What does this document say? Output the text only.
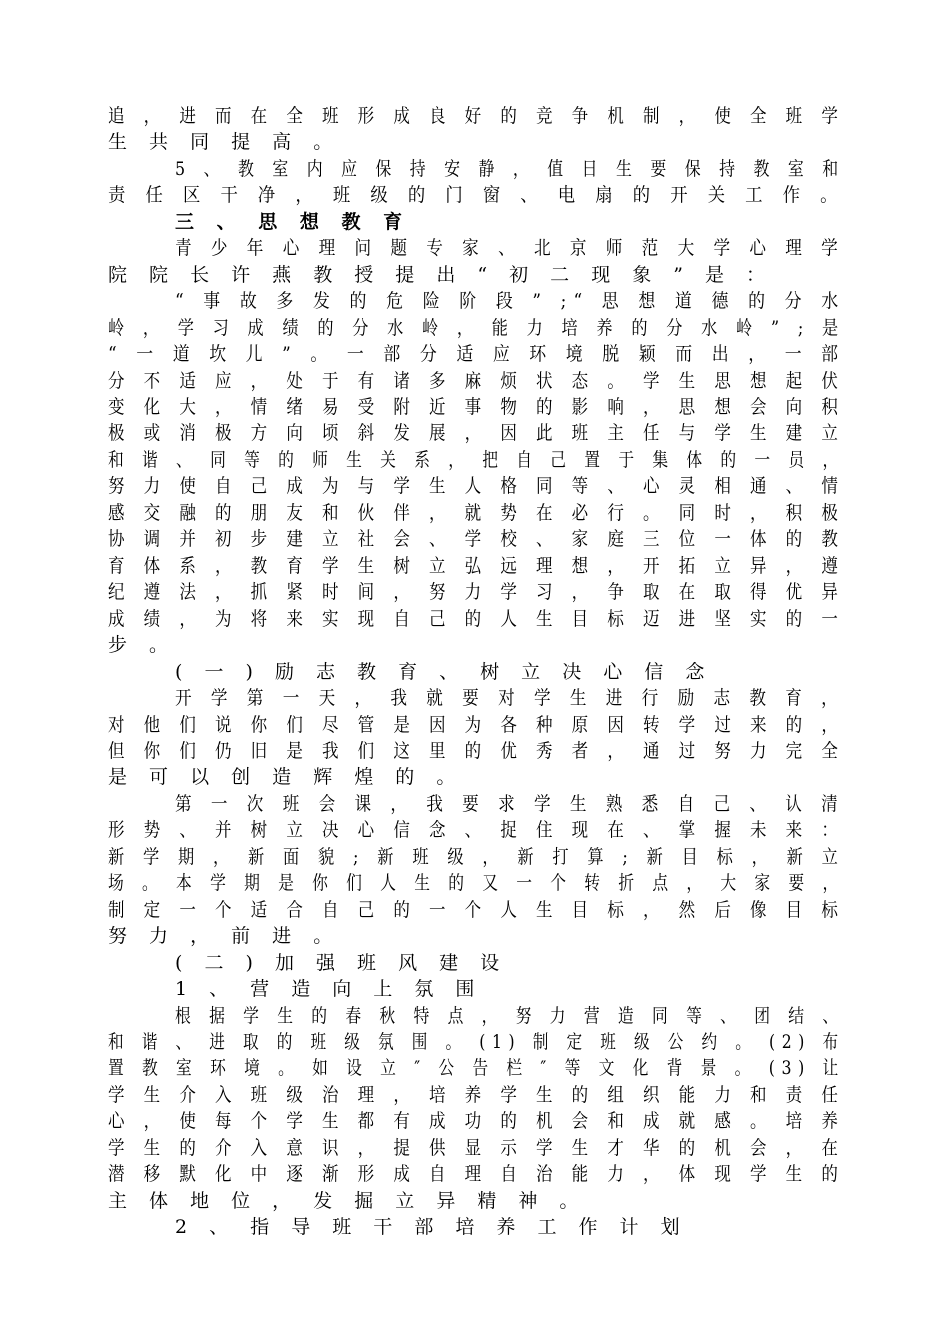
追 ， 进 而 在 全 班 形 成 良 好 的 竞 争 机 制 ， 使 全 班 学
生 共 同 提 高 。
5 、 教 室 内 应 保 持 安 静 ， 值 日 生 要 保 持 教 室 和
责 任 区 干 净 ， 班 级 的 门 窗 、 电 扇 的 开 关 工 作 。
三 、 思 想 教 育
青 少 年 心 理 问 题 专 家 、 北 京 师 范 大 学 心 理 学
院 院 长 许 燕 教 授 提 出 “ 初 二 现 象 ” 是 ：
“ 事 故 多 发 的 危 险 阶 段 ” ;“ 思 想 道 德 的 分 水
岭 ， 学 习 成 绩 的 分 水 岭 ， 能 力 培 养 的 分 水 岭 ” ; 是
“ 一 道 坎 儿 ” 。 一 部 分 适 应 环 境 脱 颖 而 出 ， 一 部
分 不 适 应 ， 处 于 有 诸 多 麻 烦 状 态 。 学 生 思 想 起 伏
变 化 大 ， 情 绪 易 受 附 近 事 物 的 影 响 ， 思 想 会 向 积
极 或 消 极 方 向 顷 斜 发 展 ， 因 此 班 主 任 与 学 生 建 立
和 谐 、 同 等 的 师 生 关 系 ， 把 自 己 置 于 集 体 的 一 员 ，
努 力 使 自 己 成 为 与 学 生 人 格 同 等 、 心 灵 相 通 、 情
感 交 融 的 朋 友 和 伙 伴 ， 就 势 在 必 行 。 同 时 ， 积 极
协 调 并 初 步 建 立 社 会 、 学 校 、 家 庭 三 位 一 体 的 教
育 体 系 ， 教 育 学 生 树 立 弘 远 理 想 ， 开 拓 立 异 ， 遵
纪 遵 法 ， 抓 紧 时 间 ， 努 力 学 习 ， 争 取 在 取 得 优 异
成 绩 ， 为 将 来 实 现 自 己 的 人 生 目 标 迈 进 坚 实 的 一
步 。
( 一 ) 励 志 教 育 、 树 立 决 心 信 念
开 学 第 一 天 ， 我 就 要 对 学 生 进 行 励 志 教 育 ，
对 他 们 说 你 们 尽 管 是 因 为 各 种 原 因 转 学 过 来 的 ，
但 你 们 仍 旧 是 我 们 这 里 的 优 秀 者 ， 通 过 努 力 完 全
是 可 以 创 造 辉 煌 的 。
第 一 次 班 会 课 ， 我 要 求 学 生 熟 悉 自 己 、 认 清
形 势 、 并 树 立 决 心 信 念 、 捉 住 现 在 、 掌 握 未 来 ：
新 学 期 ， 新 面 貌 ; 新 班 级 ， 新 打 算 ; 新 目 标 ， 新 立
场 。 本 学 期 是 你 们 人 生 的 又 一 个 转 折 点 ， 大 家 要 ，
制 定 一 个 适 合 自 己 的 一 个 人 生 目 标 ， 然 后 像 目 标
努 力 ， 前 进 。
( 二 ) 加 强 班 风 建 设
1 、 营 造 向 上 氛 围
根 据 学 生 的 春 秋 特 点 ， 努 力 营 造 同 等 、 团 结 、
和 谐 、 进 取 的 班 级 氛 围 。 (1) 制 定 班 级 公 约 。 (2) 布
置 教 室 环 境 。 如 设 立 ″ 公 告 栏 ″ 等 文 化 背 景 。 (3) 让
学 生 介 入 班 级 治 理 ， 培 养 学 生 的 组 织 能 力 和 责 任
心 ， 使 每 个 学 生 都 有 成 功 的 机 会 和 成 就 感 。 培 养
学 生 的 介 入 意 识 ， 提 供 显 示 学 生 才 华 的 机 会 ， 在
潜 移 默 化 中 逐 渐 形 成 自 理 自 治 能 力 ， 体 现 学 生 的
主 体 地 位 ， 发 掘 立 异 精 神 。
2 、 指 导 班 干 部 培 养 工 作 计 划
